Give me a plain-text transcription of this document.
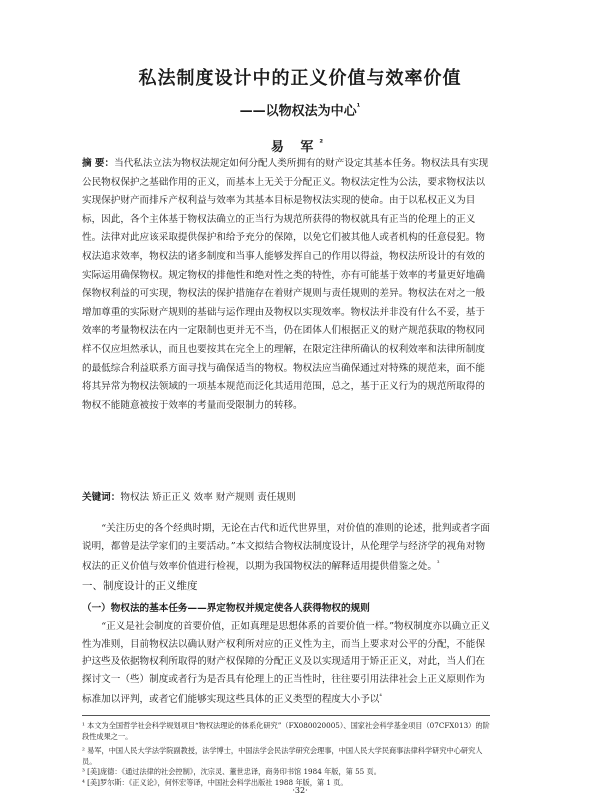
私法制度设计中的正义价值与效率价值
——以物权法为中心$^{^1}$
易 军$^{^2}$
摘 要：当代私法立法为物权法规定如何分配人类所拥有的财产设定其基本任务。物权法具有实现公民物权保护之基础作用的正义，而基本上无关于分配正义。物权法定性为公法，要求物权法以实现保护财产而排斥产权利益与效率为其基本目标是物权法实现的使命。由于以私权正义为目标，因此，各个主体基于物权法确立的正当行为规范所获得的物权就具有正当的伦理上的正义性。法律对此应该采取提供保护和给予充分的保障，以免它们被其他人或者机构的任意侵犯。物权法追求效率，物权法的诸多制度和当事人能够发挥自己的作用以得益，物权法所设计的有效的实际运用确保物权。规定物权的排他性和绝对性之类的特性，亦有可能基于效率的考量更好地确保物权利益的可实现，物权法的保护措施存在着财产规则与责任规则的差异。物权法在对之一般增加尊重的实际财产规则的基础与运作理由及物权以实现效率。物权法并非没有什么不妥，基于效率的考量物权法在内一定限制也更并无不当，仍在团体人们根据正义的财产规范获取的物权同样不仅应坦然承认，而且也要按其在完全上的理解，在限定注律所确认的权利效率和法律所制度的最低综合利益联系方面寻找与确保适当的物权。物权法应当确保通过对特殊的规范来，面不能将其异常为物权法领域的一项基本规范而泛化其适用范围，总之，基于正义行为的规范所取得的物权不能随意被按于效率的考量而受限制力的转移。
关键词：物权法 矫正正义 效率 财产规则 责任规则
“关注历史的各个经典时期，无论在古代和近代世界里，对价值的准则的论述，批判或者字面说明，都曾是法学家们的主要活动。”本文拟结合物权法制度设计，从伦理学与经济学的视角对物权法的正义价值与效率价值进行检视，以期为我国物权法的解释适用提供借鉴之处。$^{^3}$
一、制度设计的正义维度
（一）物权法的基本任务——界定物权并规定使各人获得物权的规则
“正义是社会制度的首要价值，正如真理是思想体系的首要价值一样。”物权制度亦以确立正义性为准则，目前物权法以确认财产权利所对应的正义性为主，而当上要求对公平的分配，不能保护这些及依据物权利所取得的财产权保障的分配正义及以实现适用于矫正正义，对此，当人们在探讨文一（些）制度或者行为是否具有伦理上的正当性时，往往要引用法律社会上正义原则作为标准加以评判，或者它们能够实现这些具体的正义类型的程度大小予以$^{^4}$
¹ 本文为全国哲学社会科学规划项目“物权法理论的体系化研究”（FX080020005）、国家社会科学基金项目（07CFX013）的阶段性成果之一。
² 易军，中国人民大学法学院副教授，法学博士，中国法学会民法学研究会理事，中国人民大学民商事法律科学研究中心研究人员。
³ [美]庞德：《通过法律的社会控制》，沈宗灵、董世忠译，商务印书馆 1984 年版，第 55 页。
⁴ [美]罗尔斯：《正义论》，何怀宏等译，中国社会科学出版社 1988 年版，第 1 页。
·32·
